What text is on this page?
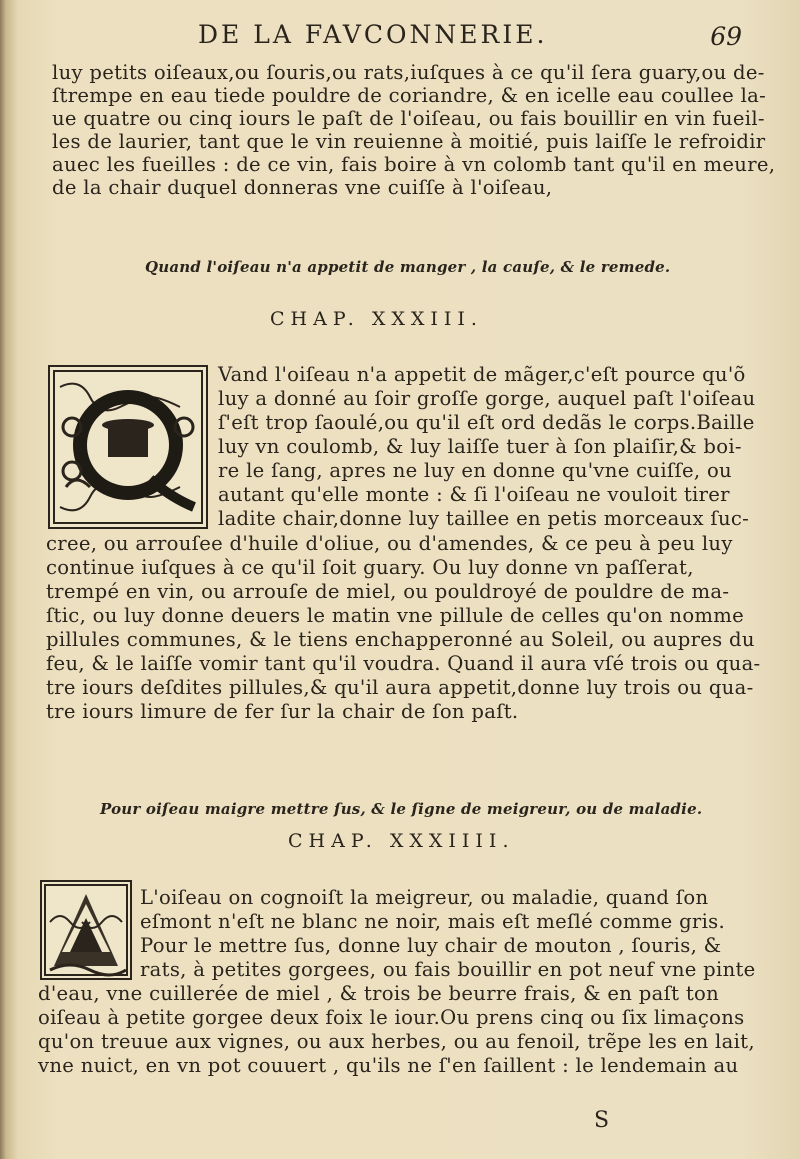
DE LA FAVCONNERIE.	69
luy petits oiſeaux,ou ſouris,ou rats,iuſques à ce qu'il ſera guary,ou de-
ſtrempe en eau tiede pouldre de coriandre, & en icelle eau coullee la-
ue quatre ou cinq iours le paſt de l'oiſeau, ou fais bouillir en vin fueil-
les de laurier, tant que le vin reuienne à moitié, puis laiſſe le refroidir
auec les fueilles : de ce vin, fais boire à vn colomb tant qu'il en meure,
de la chair duquel donneras vne cuiſſe à l'oiſeau,
Quand l'oiſeau n'a appetit de manger , la cauſe, & le remede.
CHAP. XXXIII.
Vand l'oiſeau n'a appetit de mãger,c'eſt pource qu'õ
luy a donné au ſoir groſſe gorge, auquel paſt l'oiſeau
ſ'eſt trop ſaoulé,ou qu'il eſt ord dedãs le corps.Baille
luy vn coulomb, & luy laiſſe tuer à ſon plaiſir,& boi-
re le ſang, apres ne luy en donne qu'vne cuiſſe, ou
autant qu'elle monte : & ſi l'oiſeau ne vouloit tirer
ladite chair,donne luy taillee en petis morceaux ſuc-
cree, ou arrouſee d'huile d'oliue, ou d'amendes, & ce peu à peu luy
continue iuſques à ce qu'il ſoit guary. Ou luy donne vn paſſerat,
trempé en vin, ou arrouſe de miel, ou pouldroyé de pouldre de ma-
ſtic, ou luy donne deuers le matin vne pillule de celles qu'on nomme
pillules communes, & le tiens enchapperonné au Soleil, ou aupres du
feu, & le laiſſe vomir tant qu'il voudra. Quand il aura vſé trois ou qua-
tre iours deſdites pillules,& qu'il aura appetit,donne luy trois ou qua-
tre iours limure de fer ſur la chair de ſon paſt.
Pour oiſeau maigre mettre ſus, & le ſigne de meigreur, ou de maladie.
CHAP. XXXIIII.
L'oiſeau on cognoiſt la meigreur, ou maladie, quand ſon
eſmont n'eſt ne blanc ne noir, mais eſt meſlé comme gris.
Pour le mettre ſus, donne luy chair de mouton , ſouris, &
rats, à petites gorgees, ou fais bouillir en pot neuf vne pinte
d'eau, vne cuillerée de miel , & trois be beurre frais, & en paſt ton
oiſeau à petite gorgee deux foix le iour.Ou prens cinq ou ſix limaçons
qu'on treuue aux vignes, ou aux herbes, ou au fenoil, trẽpe les en lait,
vne nuict, en vn pot couuert , qu'ils ne ſ'en ſaillent : le lendemain au
S
